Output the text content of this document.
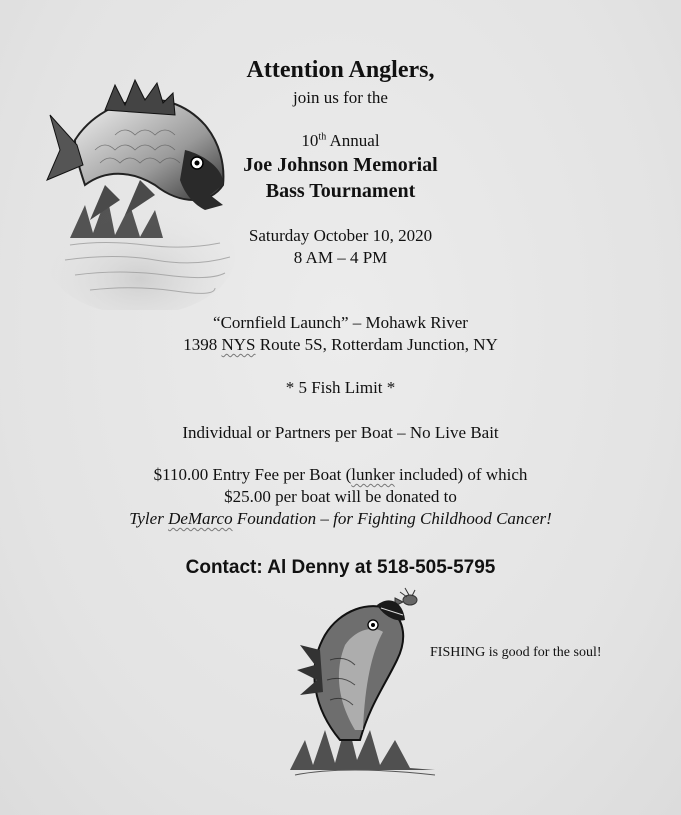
Attention Anglers,
join us for the
10th Annual
Joe Johnson Memorial
Bass Tournament
Saturday October 10, 2020
8 AM – 4 PM
“Cornfield Launch” – Mohawk River
1398 NYS Route 5S, Rotterdam Junction, NY
* 5 Fish Limit *
Individual or Partners per Boat – No Live Bait
$110.00 Entry Fee per Boat (lunker included) of which
$25.00 per boat will be donated to
Tyler DeMarco Foundation – for Fighting Childhood Cancer!
Contact: Al Denny at 518-505-5795
FISHING is good for the soul!
